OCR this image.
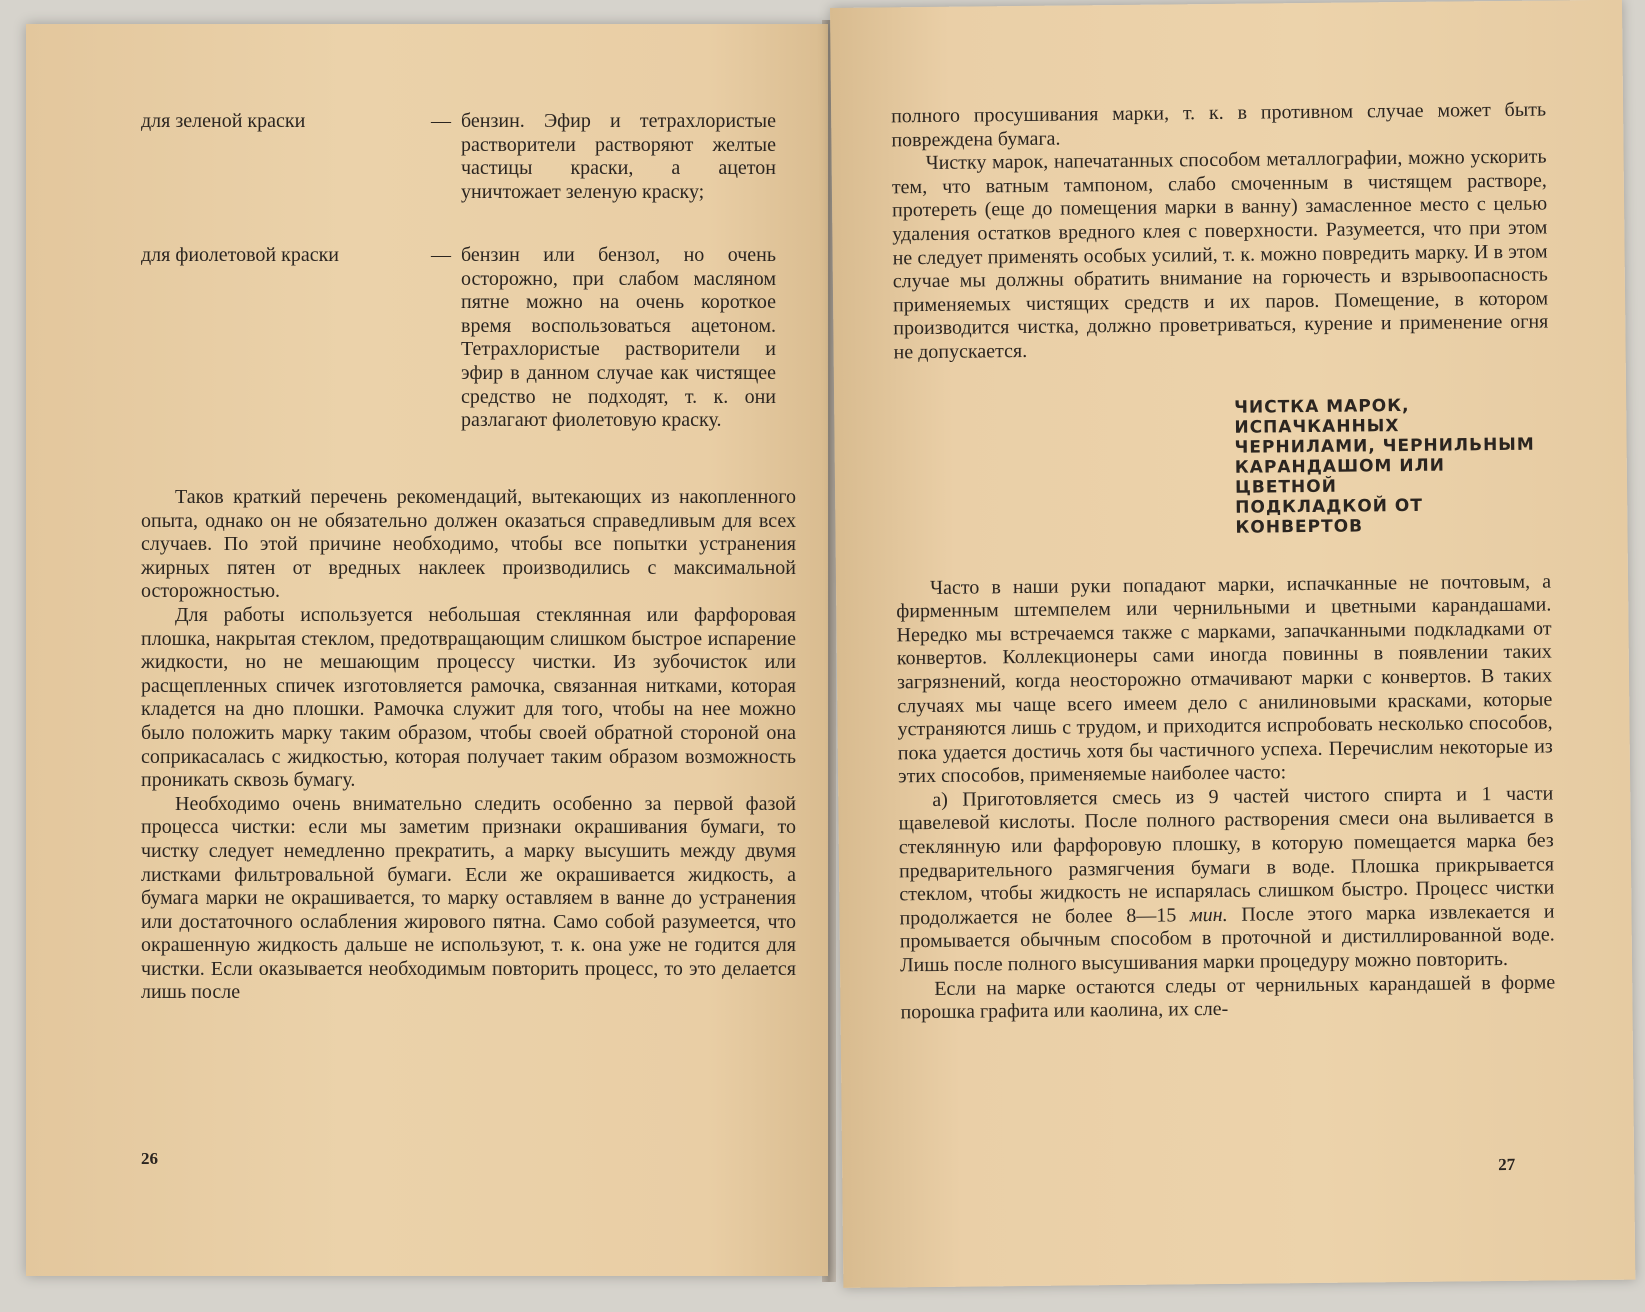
для зеленой краски	— бензин. Эфир и тетрахлористые растворители растворяют желтые частицы краски, а ацетон уничтожает зеленую краску;
для фиолетовой краски	— бензин или бензол, но очень осторожно, при слабом масляном пятне можно на очень короткое время воспользоваться ацетоном. Тетрахлористые растворители и эфир в данном случае как чистящее средство не подходят, т. к. они разлагают фиолетовую краску.

Таков краткий перечень рекомендаций, вытекающих из накопленного опыта, однако он не обязательно должен оказаться справедливым для всех случаев. По этой причине необходимо, чтобы все попытки устранения жирных пятен от вредных наклеек производились с максимальной осторожностью.

Для работы используется небольшая стеклянная или фарфоровая плошка, накрытая стеклом, предотвращающим слишком быстрое испарение жидкости, но не мешающим процессу чистки. Из зубочисток или расщепленных спичек изготовляется рамочка, связанная нитками, которая кладется на дно плошки. Рамочка служит для того, чтобы на нее можно было положить марку таким образом, чтобы своей обратной стороной она соприкасалась с жидкостью, которая получает таким образом возможность проникать сквозь бумагу.

Необходимо очень внимательно следить особенно за первой фазой процесса чистки: если мы заметим признаки окрашивания бумаги, то чистку следует немедленно прекратить, а марку высушить между двумя листками фильтровальной бумаги. Если же окрашивается жидкость, а бумага марки не окрашивается, то марку оставляем в ванне до устранения или достаточного ослабления жирового пятна. Само собой разумеется, что окрашенную жидкость дальше не используют, т. к. она уже не годится для чистки. Если оказывается необходимым повторить процесс, то это делается лишь после

26

полного просушивания марки, т. к. в противном случае может быть повреждена бумага.

Чистку марок, напечатанных способом металлографии, можно ускорить тем, что ватным тампоном, слабо смоченным в чистящем растворе, протереть (еще до помещения марки в ванну) замасленное место с целью удаления остатков вредного клея с поверхности. Разумеется, что при этом не следует применять особых усилий, т. к. можно повредить марку. И в этом случае мы должны обратить внимание на горючесть и взрывоопасность применяемых чистящих средств и их паров. Помещение, в котором производится чистка, должно проветриваться, курение и применение огня не допускается.

ЧИСТКА МАРОК, ИСПАЧКАННЫХ
ЧЕРНИЛАМИ, ЧЕРНИЛЬНЫМ
КАРАНДАШОМ ИЛИ ЦВЕТНОЙ
ПОДКЛАДКОЙ ОТ КОНВЕРТОВ

Часто в наши руки попадают марки, испачканные не почтовым, а фирменным штемпелем или чернильными и цветными карандашами. Нередко мы встречаемся также с марками, запачканными подкладками от конвертов. Коллекционеры сами иногда повинны в появлении таких загрязнений, когда неосторожно отмачивают марки с конвертов. В таких случаях мы чаще всего имеем дело с анилиновыми красками, которые устраняются лишь с трудом, и приходится испробовать несколько способов, пока удается достичь хотя бы частичного успеха. Перечислим некоторые из этих способов, применяемые наиболее часто:

а) Приготовляется смесь из 9 частей чистого спирта и 1 части щавелевой кислоты. После полного растворения смеси она выливается в стеклянную или фарфоровую плошку, в которую помещается марка без предварительного размягчения бумаги в воде. Плошка прикрывается стеклом, чтобы жидкость не испарялась слишком быстро. Процесс чистки продолжается не более 8—15 мин. После этого марка извлекается и промывается обычным способом в проточной и дистиллированной воде. Лишь после полного высушивания марки процедуру можно повторить.

Если на марке остаются следы от чернильных карандашей в форме порошка графита или каолина, их сле-

27
